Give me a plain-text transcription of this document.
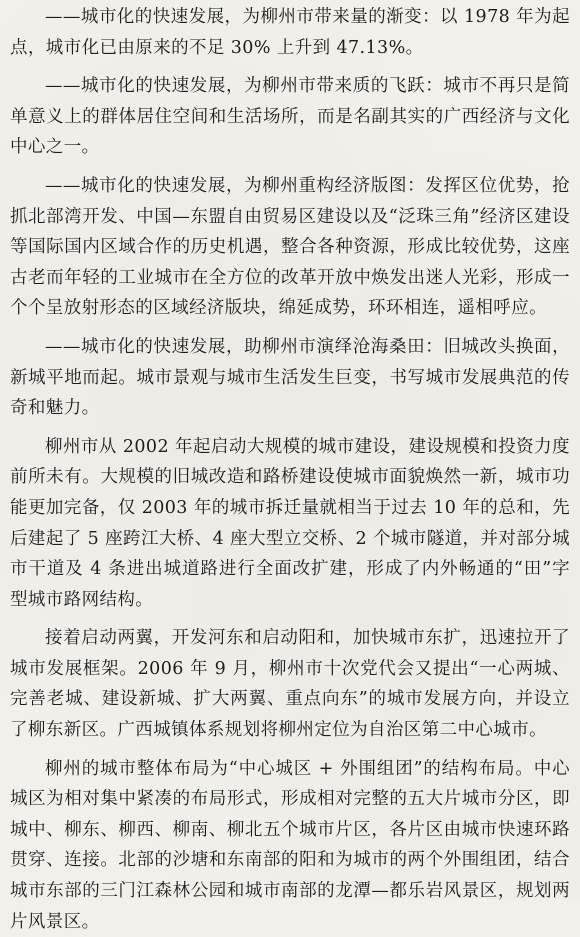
——城市化的快速发展，为柳州市带来量的渐变：以 1978 年为起点，城市化已由原来的不足 30% 上升到 47.13%。

——城市化的快速发展，为柳州市带来质的飞跃：城市不再只是简单意义上的群体居住空间和生活场所，而是名副其实的广西经济与文化中心之一。

——城市化的快速发展，为柳州重构经济版图：发挥区位优势，抢抓北部湾开发、中国—东盟自由贸易区建设以及“泛珠三角”经济区建设等国际国内区域合作的历史机遇，整合各种资源，形成比较优势，这座古老而年轻的工业城市在全方位的改革开放中焕发出迷人光彩，形成一个个呈放射形态的区域经济版块，绵延成势，环环相连，遥相呼应。

——城市化的快速发展，助柳州市演绎沧海桑田：旧城改头换面，新城平地而起。城市景观与城市生活发生巨变，书写城市发展典范的传奇和魅力。

柳州市从 2002 年起启动大规模的城市建设，建设规模和投资力度前所未有。大规模的旧城改造和路桥建设使城市面貌焕然一新，城市功能更加完备，仅 2003 年的城市拆迁量就相当于过去 10 年的总和，先后建起了 5 座跨江大桥、4 座大型立交桥、2 个城市隧道，并对部分城市干道及 4 条进出城道路进行全面改扩建，形成了内外畅通的“田”字型城市路网结构。

接着启动两翼，开发河东和启动阳和，加快城市东扩，迅速拉开了城市发展框架。2006 年 9 月，柳州市十次党代会又提出“一心两城、完善老城、建设新城、扩大两翼、重点向东”的城市发展方向，并设立了柳东新区。广西城镇体系规划将柳州定位为自治区第二中心城市。

柳州的城市整体布局为“中心城区 + 外围组团”的结构布局。中心城区为相对集中紧凑的布局形式，形成相对完整的五大片城市分区，即城中、柳东、柳西、柳南、柳北五个城市片区，各片区由城市快速环路贯穿、连接。北部的沙塘和东南部的阳和为城市的两个外围组团，结合城市东部的三门江森林公园和城市南部的龙潭—都乐岩风景区，规划两片风景区。
